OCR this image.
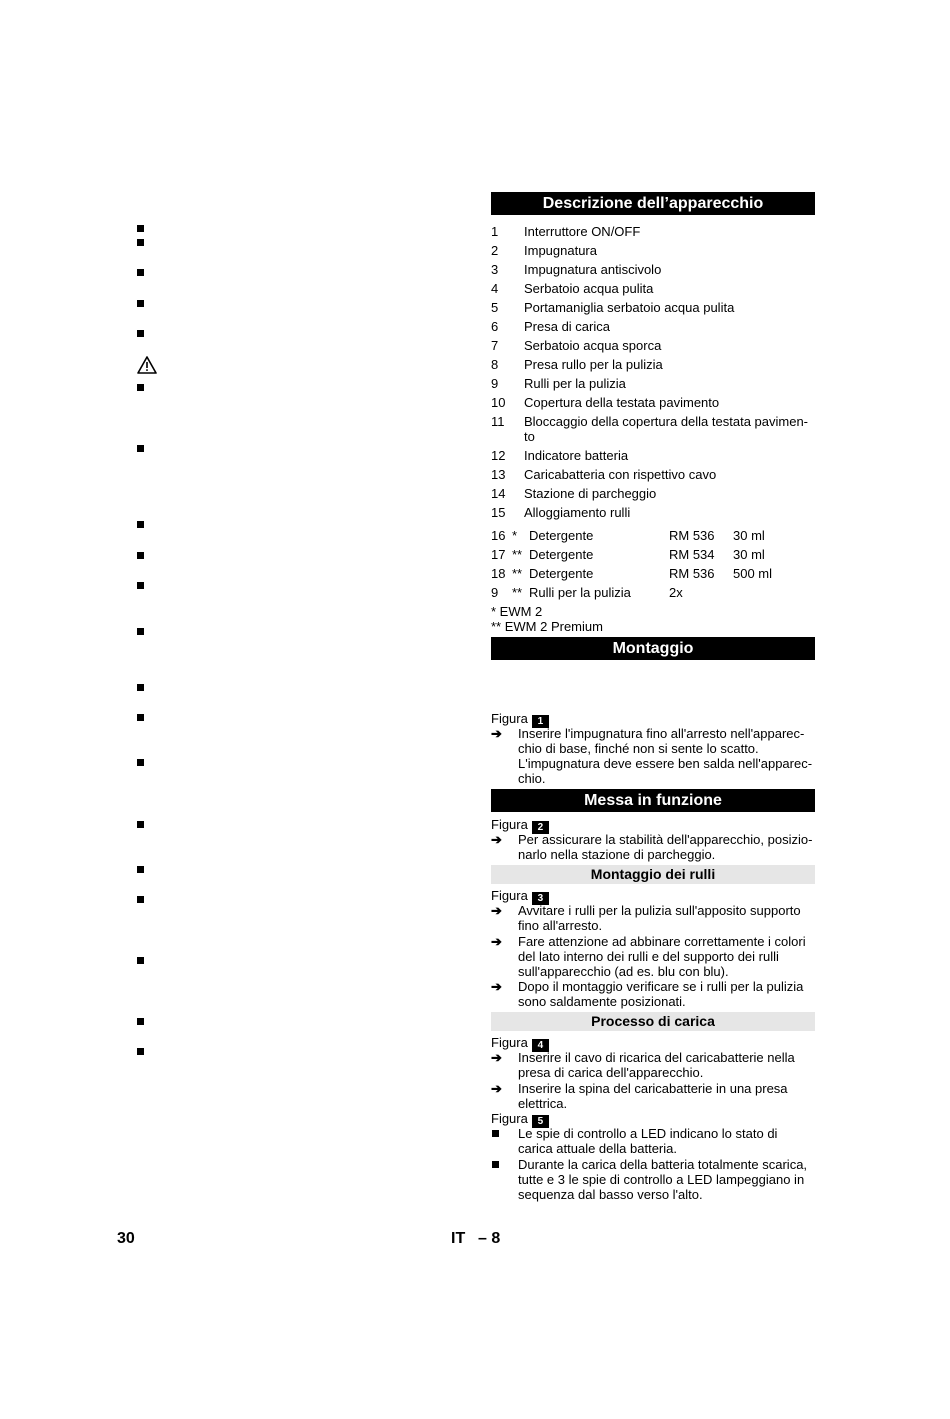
Descrizione dell’apparecchio
1	Interruttore ON/OFF
2	Impugnatura
3	Impugnatura antiscivolo
4	Serbatoio acqua pulita
5	Portamaniglia serbatoio acqua pulita
6	Presa di carica
7	Serbatoio acqua sporca
8	Presa rullo per la pulizia
9	Rulli per la pulizia
10	Copertura della testata pavimento
11	Bloccaggio della copertura della testata pavimen- to
12	Indicatore batteria
13	Caricabatteria con rispettivo cavo
14	Stazione di parcheggio
15	Alloggiamento rulli
16 * Detergente	RM 536 30 ml
17 ** Detergente	RM 534 30 ml
18 ** Detergente	RM 536 500 ml
9 ** Rulli per la pulizia	2x
* EWM 2
** EWM 2 Premium
Montaggio
Figura 1
➔ Inserire l'impugnatura fino all'arresto nell'apparec- chio di base, finché non si sente lo scatto. L'impugnatura deve essere ben salda nell'apparec- chio.
Messa in funzione
Figura 2
➔ Per assicurare la stabilità dell'apparecchio, posizio- narlo nella stazione di parcheggio.
Montaggio dei rulli
Figura 3
➔ Avvitare i rulli per la pulizia sull'apposito supporto fino all'arresto.
➔ Fare attenzione ad abbinare correttamente i colori del lato interno dei rulli e del supporto dei rulli sull'apparecchio (ad es. blu con blu).
➔ Dopo il montaggio verificare se i rulli per la pulizia sono saldamente posizionati.
Processo di carica
Figura 4
➔ Inserire il cavo di ricarica del caricabatterie nella presa di carica dell'apparecchio.
➔ Inserire la spina del caricabatterie in una presa elettrica.
Figura 5
Le spie di controllo a LED indicano lo stato di carica attuale della batteria.
Durante la carica della batteria totalmente scarica, tutte e 3 le spie di controllo a LED lampeggiano in sequenza dal basso verso l'alto.
30	IT – 8
